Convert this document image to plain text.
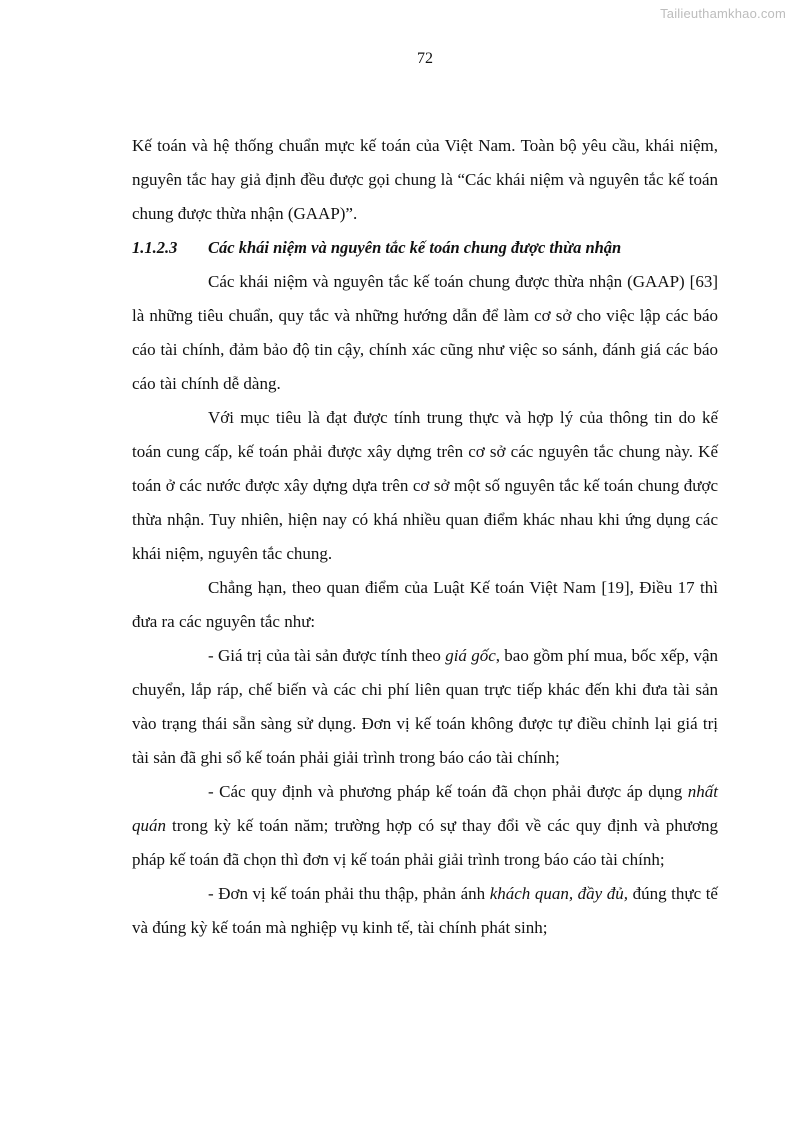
Tailieuthamkhao.com
72

Kế toán và hệ thống chuẩn mực kế toán của Việt Nam. Toàn bộ yêu cầu, khái niệm, nguyên tắc hay giả định đều được gọi chung là “Các khái niệm và nguyên tắc kế toán chung được thừa nhận (GAAP)”.

1.1.2.3 Các khái niệm và nguyên tắc kế toán chung được thừa nhận

Các khái niệm và nguyên tắc kế toán chung được thừa nhận (GAAP) [63] là những tiêu chuẩn, quy tắc và những hướng dẫn để làm cơ sở cho việc lập các báo cáo tài chính, đảm bảo độ tin cậy, chính xác cũng như việc so sánh, đánh giá các báo cáo tài chính dễ dàng.

Với mục tiêu là đạt được tính trung thực và hợp lý của thông tin do kế toán cung cấp, kế toán phải được xây dựng trên cơ sở các nguyên tắc chung này. Kế toán ở các nước được xây dựng dựa trên cơ sở một số nguyên tắc kế toán chung được thừa nhận. Tuy nhiên, hiện nay có khá nhiều quan điểm khác nhau khi ứng dụng các khái niệm, nguyên tắc chung.

Chẳng hạn, theo quan điểm của Luật Kế toán Việt Nam [19], Điều 17 thì đưa ra các nguyên tắc như:

- Giá trị của tài sản được tính theo giá gốc, bao gồm phí mua, bốc xếp, vận chuyển, lắp ráp, chế biến và các chi phí liên quan trực tiếp khác đến khi đưa tài sản vào trạng thái sẵn sàng sử dụng. Đơn vị kế toán không được tự điều chỉnh lại giá trị tài sản đã ghi sổ kế toán phải giải trình trong báo cáo tài chính;

- Các quy định và phương pháp kế toán đã chọn phải được áp dụng nhất quán trong kỳ kế toán năm; trường hợp có sự thay đổi về các quy định và phương pháp kế toán đã chọn thì đơn vị kế toán phải giải trình trong báo cáo tài chính;

- Đơn vị kế toán phải thu thập, phản ánh khách quan, đầy đủ, đúng thực tế và đúng kỳ kế toán mà nghiệp vụ kinh tế, tài chính phát sinh;
